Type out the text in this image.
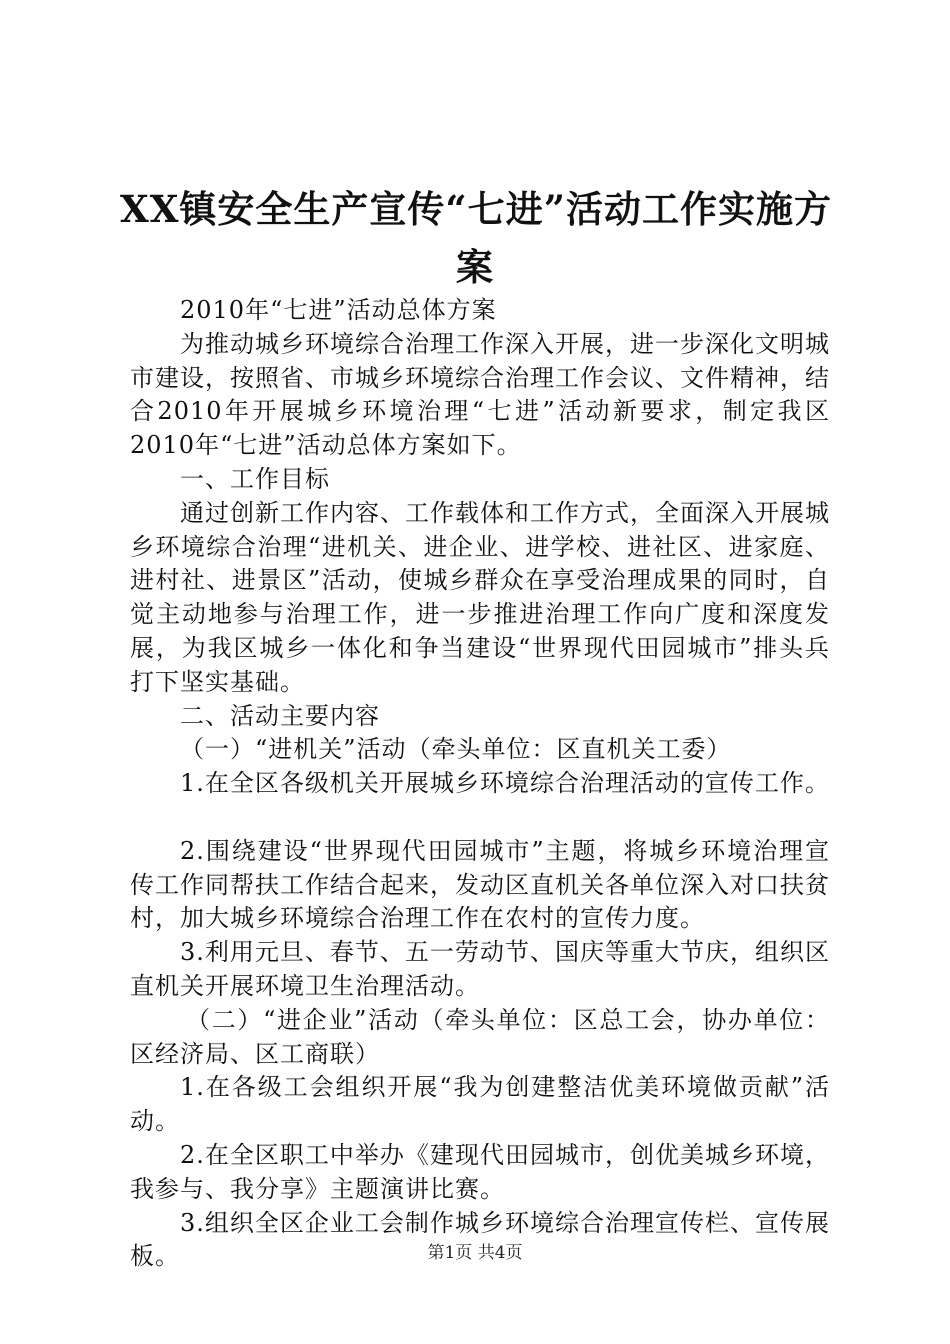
XX镇安全生产宣传“七进”活动工作实施方
案

2010年“七进”活动总体方案

为推动城乡环境综合治理工作深入开展，进一步深化文明城市建设，按照省、市城乡环境综合治理工作会议、文件精神，结合2010年开展城乡环境治理“七进”活动新要求，制定我区2010年“七进”活动总体方案如下。

一、工作目标

通过创新工作内容、工作载体和工作方式，全面深入开展城乡环境综合治理“进机关、进企业、进学校、进社区、进家庭、进村社、进景区”活动，使城乡群众在享受治理成果的同时，自觉主动地参与治理工作，进一步推进治理工作向广度和深度发展，为我区城乡一体化和争当建设“世界现代田园城市”排头兵打下坚实基础。

二、活动主要内容

（一）“进机关”活动（牵头单位：区直机关工委）

1.在全区各级机关开展城乡环境综合治理活动的宣传工作。

2.围绕建设“世界现代田园城市”主题，将城乡环境治理宣传工作同帮扶工作结合起来，发动区直机关各单位深入对口扶贫村，加大城乡环境综合治理工作在农村的宣传力度。

3.利用元旦、春节、五一劳动节、国庆等重大节庆，组织区直机关开展环境卫生治理活动。

（二）“进企业”活动（牵头单位：区总工会，协办单位：区经济局、区工商联）

1.在各级工会组织开展“我为创建整洁优美环境做贡献”活动。

2.在全区职工中举办《建现代田园城市，创优美城乡环境，我参与、我分享》主题演讲比赛。

3.组织全区企业工会制作城乡环境综合治理宣传栏、宣传展板。	第1页 共4页
